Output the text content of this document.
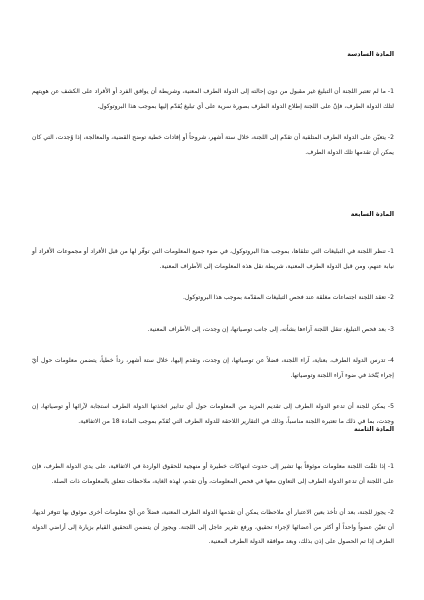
المادة السادسة

1- ما لم تعتبر اللجنة أن التبليغ غير مقبول من دون إحالته إلى الدولة الطرف المعنية، وشريطة أن يوافق الفرد أو الأفراد على الكشف عن هويتهم لتلك الدولة الطرف، فإنّ على اللجنة إطلاع الدولة الطرف بصورة سرية على أي تبليغ يُقدّم إليها بموجب هذا البروتوكول.

2- يتعيّن على الدولة الطرف المتلقية أن تقدّم إلى اللجنة، خلال ستة أشهر، شروحاً أو إفادات خطية توضح القضية، والمعالجة، إذا وُجدت، التي كان يمكن أن تقدمها تلك الدولة الطرف.

المادة السابعة

1- تنظر اللجنة في التبليغات التي تتلقاها، بموجب هذا البروتوكول، في ضوء جميع المعلومات التي توفّر لها من قبل الأفراد أو مجموعات الأفراد أو نيابة عنهم، ومن قبل الدولة الطرف المعنية، شريطة نقل هذه المعلومات إلى الأطراف المعنية.

2- تعقد اللجنة اجتماعات مغلقة عند فحص التبليغات المقدّمة بموجب هذا البروتوكول.

3- بعد فحص التبليغ، تنقل اللجنة آراءها بشأنه، إلى جانب توصياتها، إن وجدت، إلى الأطراف المعنية.

4- تدرس الدولة الطرف، بعناية، آراء اللجنة، فضلاً عن توصياتها، إن وجدت، وتقدم إليها، خلال ستة أشهر، رداً خطياً، يتضمن معلومات حول أيّ إجراء يُتّخذ في ضوء آراء اللجنة وتوصياتها.

5- يمكن للجنة أن تدعو الدولة الطرف إلى تقديم المزيد من المعلومات حول أي تدابير اتخذتها الدولة الطرف استجابة لآرائها أو توصياتها، إن وجدت، بما في ذلك ما تعتبره اللجنة مناسباً، وذلك في التقارير اللاحقة للدولة الطرف التي تُقدّم بموجب المادة 18 من الاتفاقية.

المادة الثامنة

1- إذا تلقّت اللجنة معلومات موثوقاً بها تشير إلى حدوث انتهاكات خطيرة أو منهجية للحقوق الواردة في الاتفاقية، على يدي الدولة الطرف، فإن على اللجنة أن تدعو الدولة الطرف إلى التعاون معها في فحص المعلومات، وأن تقدم، لهذه الغاية، ملاحظات تتعلق بالمعلومات ذات الصلة.

2- يجوز للجنة، بعد أن تأخذ بعين الاعتبار أي ملاحظات يمكن أن تقدمها الدولة الطرف المعنية، فضلاً عن أيّ معلومات أخرى موثوق بها تتوفر لديها، أن تعيّن عضواً واحداً أو أكثر من أعضائها لإجراء تحقيق، ورفع تقرير عاجل إلى اللجنة. ويجوز أن يتضمن التحقيق القيام بزيارة إلى أراضي الدولة الطرف إذا تم الحصول على إذن بذلك، وبعد موافقة الدولة الطرف المعنية.
